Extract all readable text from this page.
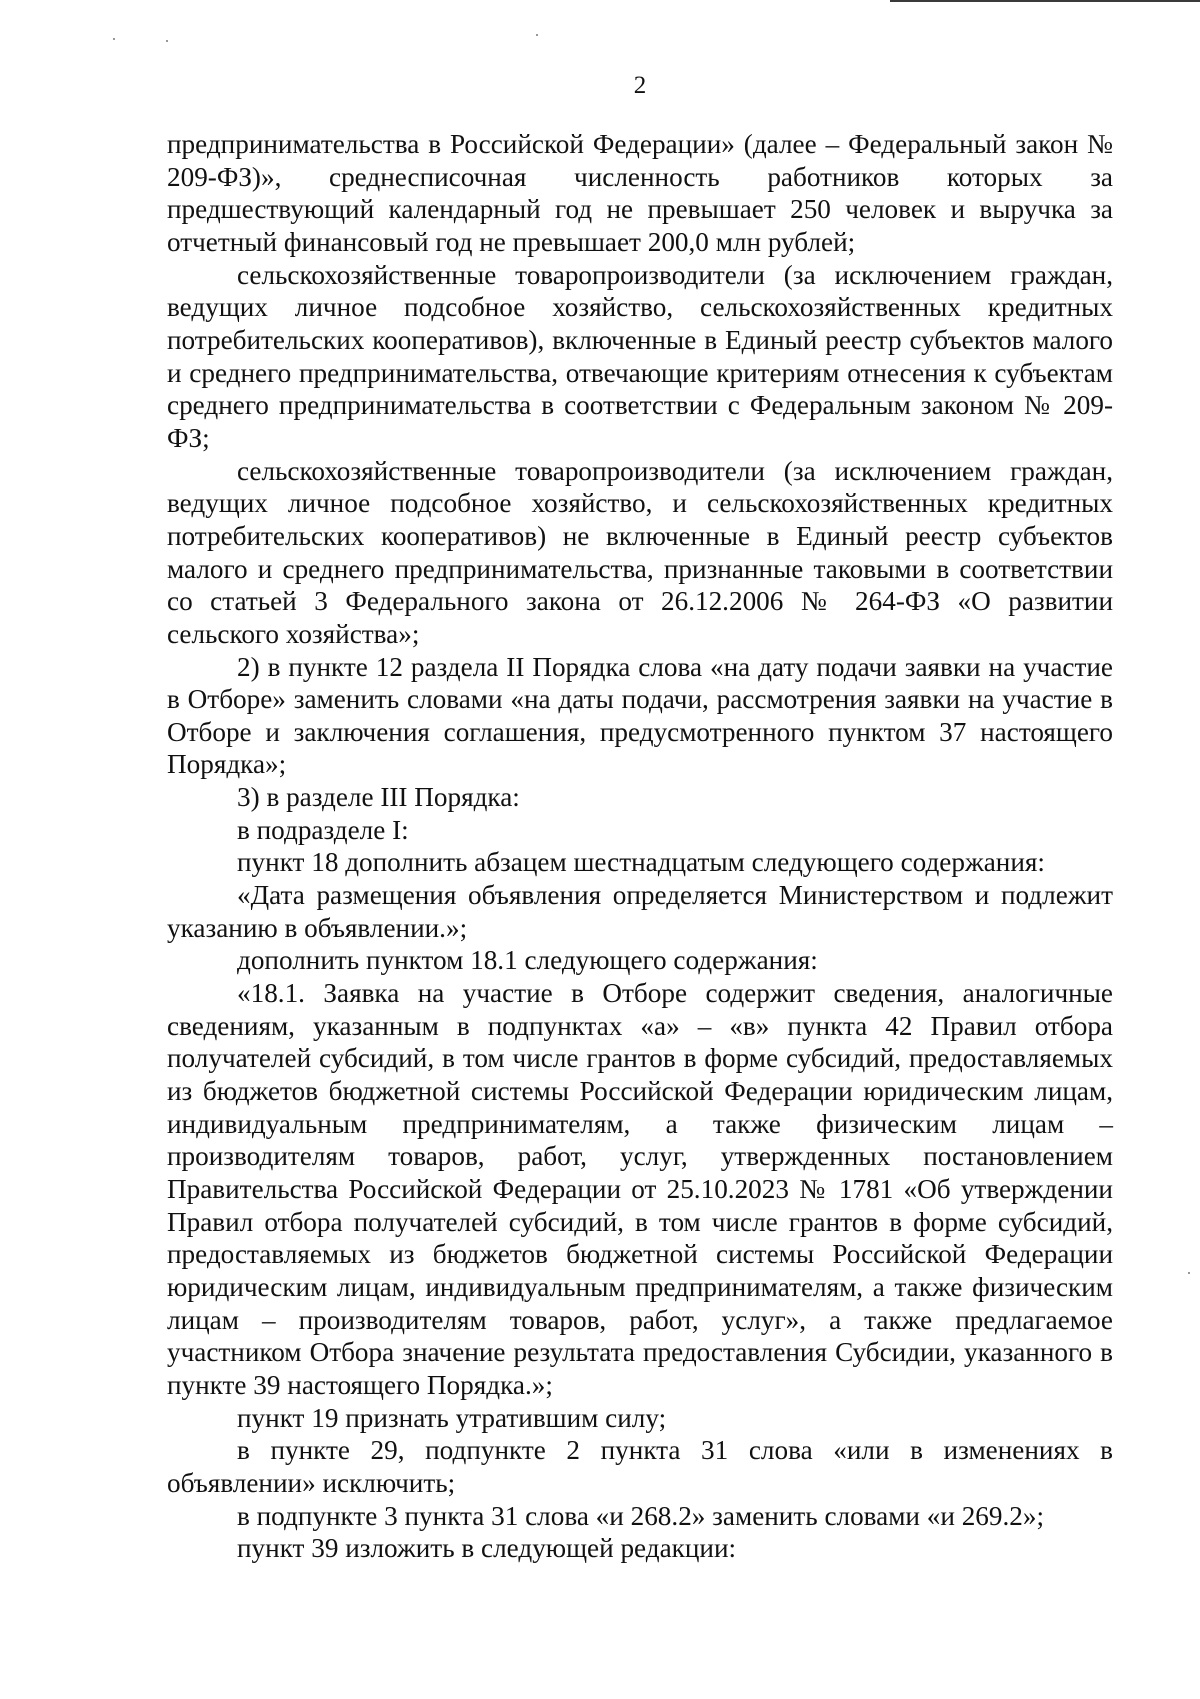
2

предпринимательства в Российской Федерации» (далее – Федеральный закон № 209-ФЗ)», среднесписочная численность работников которых за предшествующий календарный год не превышает 250 человек и выручка за отчетный финансовый год не превышает 200,0 млн рублей;

сельскохозяйственные товаропроизводители (за исключением граждан, ведущих личное подсобное хозяйство, сельскохозяйственных кредитных потребительских кооперативов), включенные в Единый реестр субъектов малого и среднего предпринимательства, отвечающие критериям отнесения к субъектам среднего предпринимательства в соответствии с Федеральным законом № 209-ФЗ;

сельскохозяйственные товаропроизводители (за исключением граждан, ведущих личное подсобное хозяйство, и сельскохозяйственных кредитных потребительских кооперативов) не включенные в Единый реестр субъектов малого и среднего предпринимательства, признанные таковыми в соответствии со статьей 3 Федерального закона от 26.12.2006 № 264-ФЗ «О развитии сельского хозяйства»;

2) в пункте 12 раздела II Порядка слова «на дату подачи заявки на участие в Отборе» заменить словами «на даты подачи, рассмотрения заявки на участие в Отборе и заключения соглашения, предусмотренного пунктом 37 настоящего Порядка»;

3) в разделе III Порядка:

в подразделе I:

пункт 18 дополнить абзацем шестнадцатым следующего содержания:

«Дата размещения объявления определяется Министерством и подлежит указанию в объявлении.»;

дополнить пунктом 18.1 следующего содержания:

«18.1. Заявка на участие в Отборе содержит сведения, аналогичные сведениям, указанным в подпунктах «а» – «в» пункта 42 Правил отбора получателей субсидий, в том числе грантов в форме субсидий, предоставляемых из бюджетов бюджетной системы Российской Федерации юридическим лицам, индивидуальным предпринимателям, а также физическим лицам – производителям товаров, работ, услуг, утвержденных постановлением Правительства Российской Федерации от 25.10.2023 № 1781 «Об утверждении Правил отбора получателей субсидий, в том числе грантов в форме субсидий, предоставляемых из бюджетов бюджетной системы Российской Федерации юридическим лицам, индивидуальным предпринимателям, а также физическим лицам – производителям товаров, работ, услуг», а также предлагаемое участником Отбора значение результата предоставления Субсидии, указанного в пункте 39 настоящего Порядка.»;

пункт 19 признать утратившим силу;

в пункте 29, подпункте 2 пункта 31 слова «или в изменениях в объявлении» исключить;

в подпункте 3 пункта 31 слова «и 268.2» заменить словами «и 269.2»;

пункт 39 изложить в следующей редакции:
